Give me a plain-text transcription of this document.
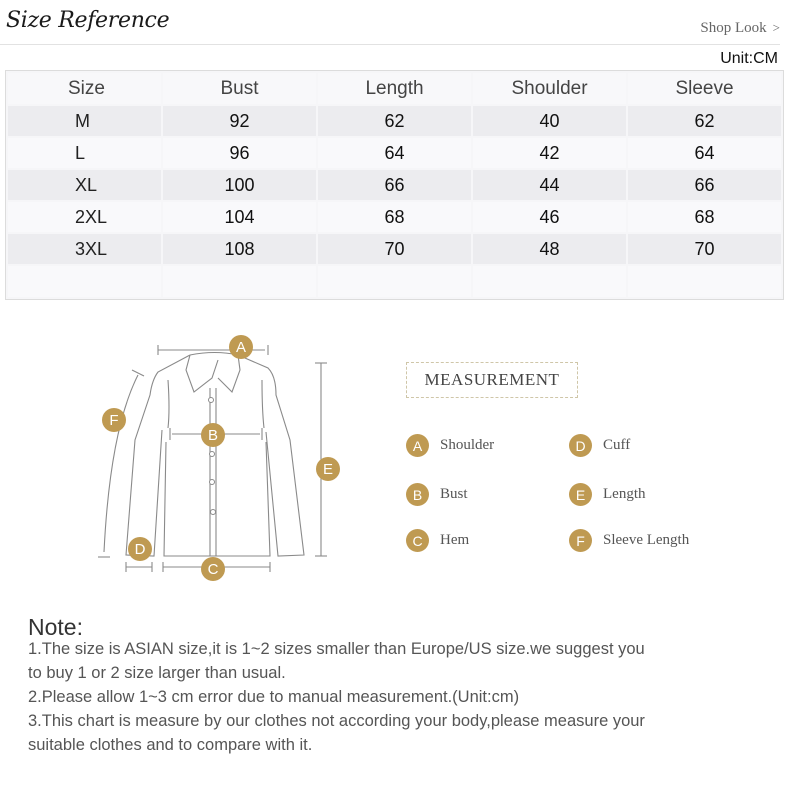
Size Reference	Shop Look >
Unit:CM
Size	Bust	Length	Shoulder	Sleeve
M	92	62	40	62
L	96	64	42	64
XL	100	66	44	66
2XL	104	68	46	68
3XL	108	70	48	70

A
B
C
D
E
F
MEASUREMENT
A	Shoulder
B	Bust
C	Hem
D	Cuff
E	Length
F	Sleeve Length
Note:
1.The size is ASIAN size,it is 1~2 sizes smaller than Europe/US size.we suggest you
to buy 1 or 2 size larger than usual.
2.Please allow 1~3 cm error due to manual measurement.(Unit:cm)
3.This chart is measure by our clothes not according your body,please measure your
suitable clothes and to compare with it.
